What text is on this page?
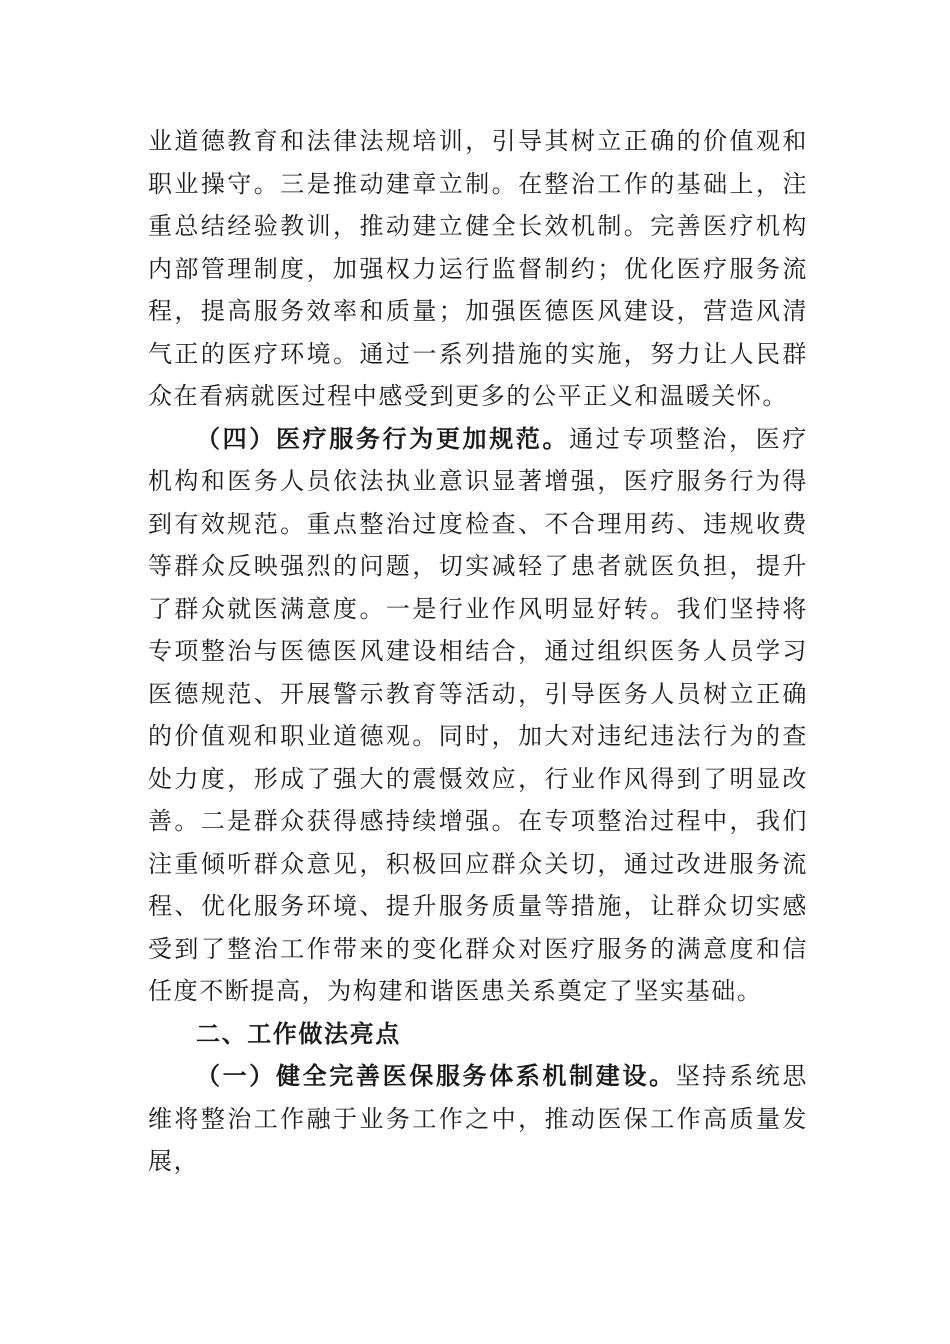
业道德教育和法律法规培训，引导其树立正确的价值观和职业操守。三是推动建章立制。在整治工作的基础上，注重总结经验教训，推动建立健全长效机制。完善医疗机构内部管理制度，加强权力运行监督制约；优化医疗服务流程，提高服务效率和质量；加强医德医风建设，营造风清气正的医疗环境。通过一系列措施的实施，努力让人民群众在看病就医过程中感受到更多的公平正义和温暖关怀。

（四）医疗服务行为更加规范。通过专项整治，医疗机构和医务人员依法执业意识显著增强，医疗服务行为得到有效规范。重点整治过度检查、不合理用药、违规收费等群众反映强烈的问题，切实减轻了患者就医负担，提升了群众就医满意度。一是行业作风明显好转。我们坚持将专项整治与医德医风建设相结合，通过组织医务人员学习医德规范、开展警示教育等活动，引导医务人员树立正确的价值观和职业道德观。同时，加大对违纪违法行为的查处力度，形成了强大的震慑效应，行业作风得到了明显改善。二是群众获得感持续增强。在专项整治过程中，我们注重倾听群众意见，积极回应群众关切，通过改进服务流程、优化服务环境、提升服务质量等措施，让群众切实感受到了整治工作带来的变化群众对医疗服务的满意度和信任度不断提高，为构建和谐医患关系奠定了坚实基础。

二、工作做法亮点

（一）健全完善医保服务体系机制建设。坚持系统思维将整治工作融于业务工作之中，推动医保工作高质量发展，
